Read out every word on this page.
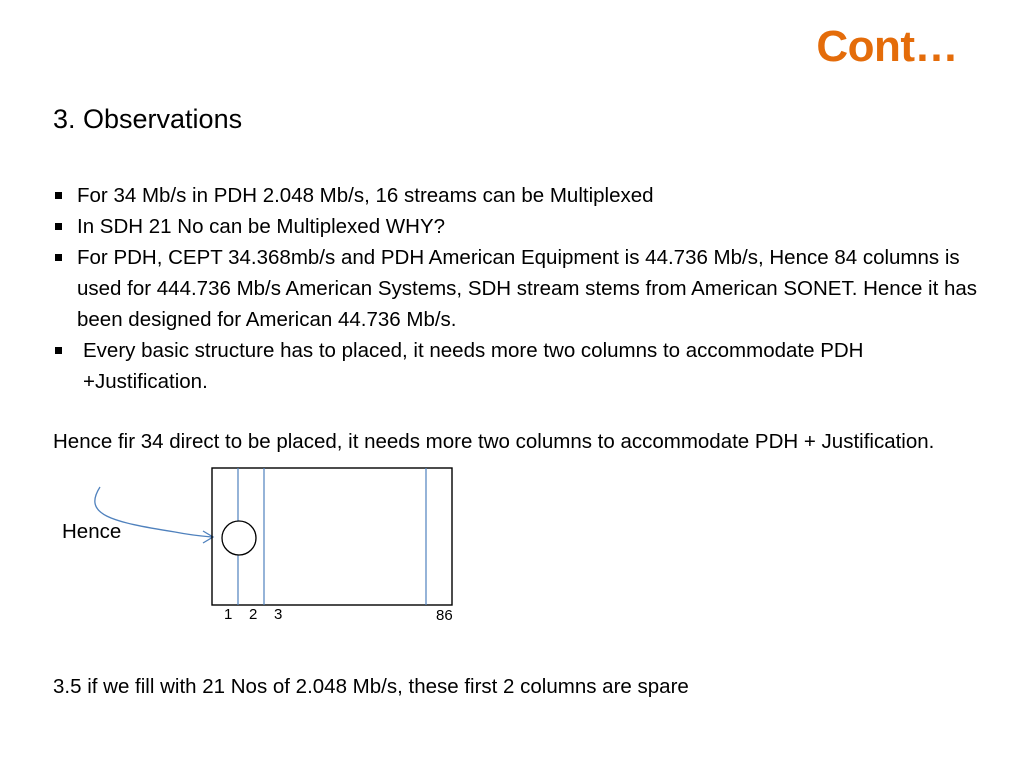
Cont…
3. Observations
For 34 Mb/s in PDH 2.048 Mb/s, 16 streams can be Multiplexed
In SDH 21 No can be Multiplexed WHY?
For PDH, CEPT 34.368mb/s and PDH American Equipment is 44.736 Mb/s, Hence 84 columns is used for 444.736 Mb/s American Systems, SDH stream stems from American SONET. Hence it has been designed for American 44.736 Mb/s.
Every basic structure has to placed, it needs more two columns to accommodate PDH +Justification.
Hence fir 34 direct to be placed, it needs more two columns to accommodate PDH + Justification.
Hence
1 2 3	86
3.5 if we fill with 21 Nos of 2.048 Mb/s, these first 2 columns are spare
